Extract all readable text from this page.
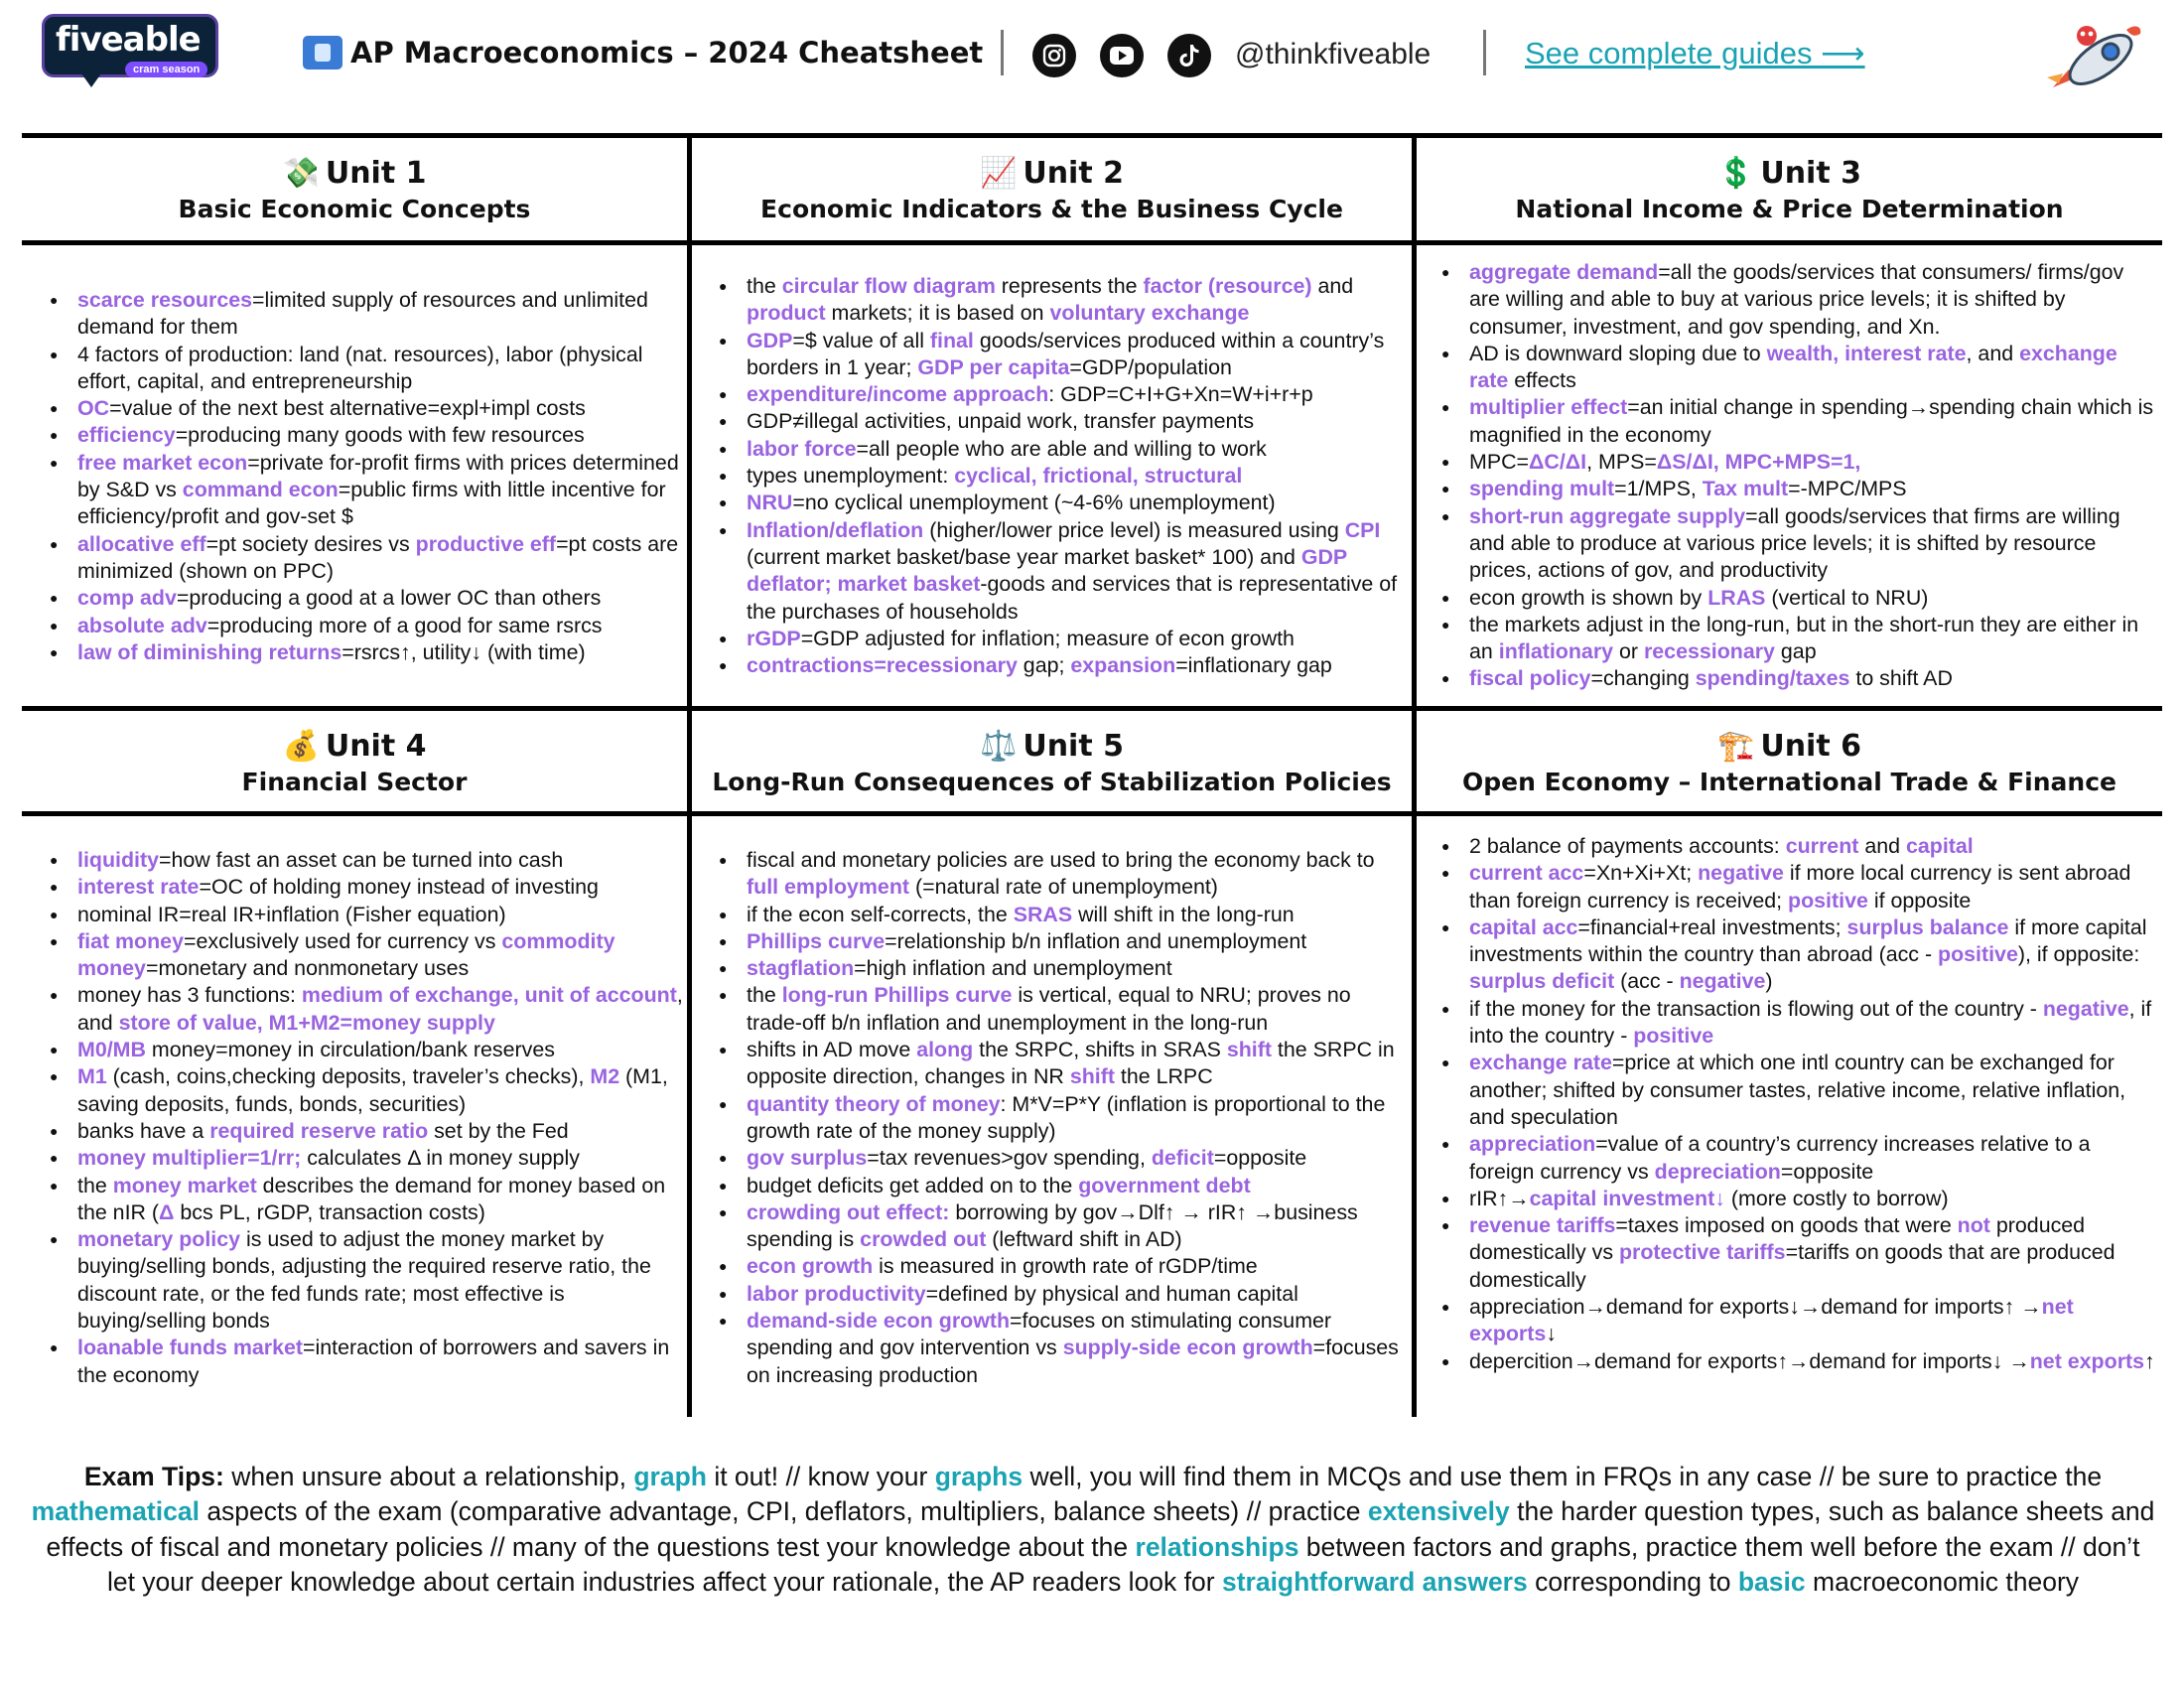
fiveable
cram season	AP Macroeconomics – 2024 Cheatsheet	@thinkfiveable	See complete guides ⟶
💸 Unit 1
Basic Economic Concepts
📈 Unit 2
Economic Indicators & the Business Cycle
💲 Unit 3
National Income & Price Determination
💰 Unit 4
Financial Sector
⚖️ Unit 5
Long-Run Consequences of Stabilization Policies
🏗️ Unit 6
Open Economy – International Trade & Finance
● scarce resources=limited supply of resources and unlimited demand for them
● 4 factors of production: land (nat. resources), labor (physical effort, capital, and entrepreneurship
● OC=value of the next best alternative=expl+impl costs
● efficiency=producing many goods with few resources
● free market econ=private for-profit firms with prices determined by S&D vs command econ=public firms with little incentive for efficiency/profit and gov-set $
● allocative eff=pt society desires vs productive eff=pt costs are minimized (shown on PPC)
● comp adv=producing a good at a lower OC than others
● absolute adv=producing more of a good for same rsrcs
● law of diminishing returns=rsrcs↑, utility↓ (with time)
● the circular flow diagram represents the factor (resource) and product markets; it is based on voluntary exchange
● GDP=$ value of all final goods/services produced within a country’s borders in 1 year; GDP per capita=GDP/population
● expenditure/income approach: GDP=C+I+G+Xn=W+i+r+p
● GDP≠illegal activities, unpaid work, transfer payments
● labor force=all people who are able and willing to work
● types unemployment: cyclical, frictional, structural
● NRU=no cyclical unemployment (~4-6% unemployment)
● Inflation/deflation (higher/lower price level) is measured using CPI (current market basket/base year market basket* 100) and GDP deflator; market basket-goods and services that is representative of the purchases of households
● rGDP=GDP adjusted for inflation; measure of econ growth
● contractions=recessionary gap; expansion=inflationary gap
● aggregate demand=all the goods/services that consumers/ firms/gov are willing and able to buy at various price levels; it is shifted by consumer, investment, and gov spending, and Xn.
● AD is downward sloping due to wealth, interest rate, and exchange rate effects
● multiplier effect=an initial change in spending→spending chain which is magnified in the economy
● MPC=ΔC/ΔI, MPS=ΔS/ΔI, MPC+MPS=1,
● spending mult=1/MPS, Tax mult=-MPC/MPS
● short-run aggregate supply=all goods/services that firms are willing and able to produce at various price levels; it is shifted by resource prices, actions of gov, and productivity
● econ growth is shown by LRAS (vertical to NRU)
● the markets adjust in the long-run, but in the short-run they are either in an inflationary or recessionary gap
● fiscal policy=changing spending/taxes to shift AD
● liquidity=how fast an asset can be turned into cash
● interest rate=OC of holding money instead of investing
● nominal IR=real IR+inflation (Fisher equation)
● fiat money=exclusively used for currency vs commodity money=monetary and nonmonetary uses
● money has 3 functions: medium of exchange, unit of account, and store of value, M1+M2=money supply
● M0/MB money=money in circulation/bank reserves
● M1 (cash, coins,checking deposits, traveler’s checks), M2 (M1, saving deposits, funds, bonds, securities)
● banks have a required reserve ratio set by the Fed
● money multiplier=1/rr; calculates Δ in money supply
● the money market describes the demand for money based on the nIR (Δ bcs PL, rGDP, transaction costs)
● monetary policy is used to adjust the money market by buying/selling bonds, adjusting the required reserve ratio, the discount rate, or the fed funds rate; most effective is buying/selling bonds
● loanable funds market=interaction of borrowers and savers in the economy
● fiscal and monetary policies are used to bring the economy back to full employment (=natural rate of unemployment)
● if the econ self-corrects, the SRAS will shift in the long-run
● Phillips curve=relationship b/n inflation and unemployment
● stagflation=high inflation and unemployment
● the long-run Phillips curve is vertical, equal to NRU; proves no trade-off b/n inflation and unemployment in the long-run
● shifts in AD move along the SRPC, shifts in SRAS shift the SRPC in opposite direction, changes in NR shift the LRPC
● quantity theory of money: M*V=P*Y (inflation is proportional to the growth rate of the money supply)
● gov surplus=tax revenues>gov spending, deficit=opposite
● budget deficits get added on to the government debt
● crowding out effect: borrowing by gov→Dlf↑ → rIR↑ →business spending is crowded out (leftward shift in AD)
● econ growth is measured in growth rate of rGDP/time
● labor productivity=defined by physical and human capital
● demand-side econ growth=focuses on stimulating consumer spending and gov intervention vs supply-side econ growth=focuses on increasing production
● 2 balance of payments accounts: current and capital
● current acc=Xn+Xi+Xt; negative if more local currency is sent abroad than foreign currency is received; positive if opposite
● capital acc=financial+real investments; surplus balance if more capital investments within the country than abroad (acc - positive), if opposite: surplus deficit (acc - negative)
● if the money for the transaction is flowing out of the country - negative, if into the country - positive
● exchange rate=price at which one intl country can be exchanged for another; shifted by consumer tastes, relative income, relative inflation, and speculation
● appreciation=value of a country’s currency increases relative to a foreign currency vs depreciation=opposite
● rIR↑→capital investment↓ (more costly to borrow)
● revenue tariffs=taxes imposed on goods that were not produced domestically vs protective tariffs=tariffs on goods that are produced domestically
● appreciation→demand for exports↓→demand for imports↑ →net exports↓
● depercition→demand for exports↑→demand for imports↓ →net exports↑
Exam Tips: when unsure about a relationship, graph it out! // know your graphs well, you will find them in MCQs and use them in FRQs in any case // be sure to practice the mathematical aspects of the exam (comparative advantage, CPI, deflators, multipliers, balance sheets) // practice extensively the harder question types, such as balance sheets and effects of fiscal and monetary policies // many of the questions test your knowledge about the relationships between factors and graphs, practice them well before the exam // don’t let your deeper knowledge about certain industries affect your rationale, the AP readers look for straightforward answers corresponding to basic macroeconomic theory
